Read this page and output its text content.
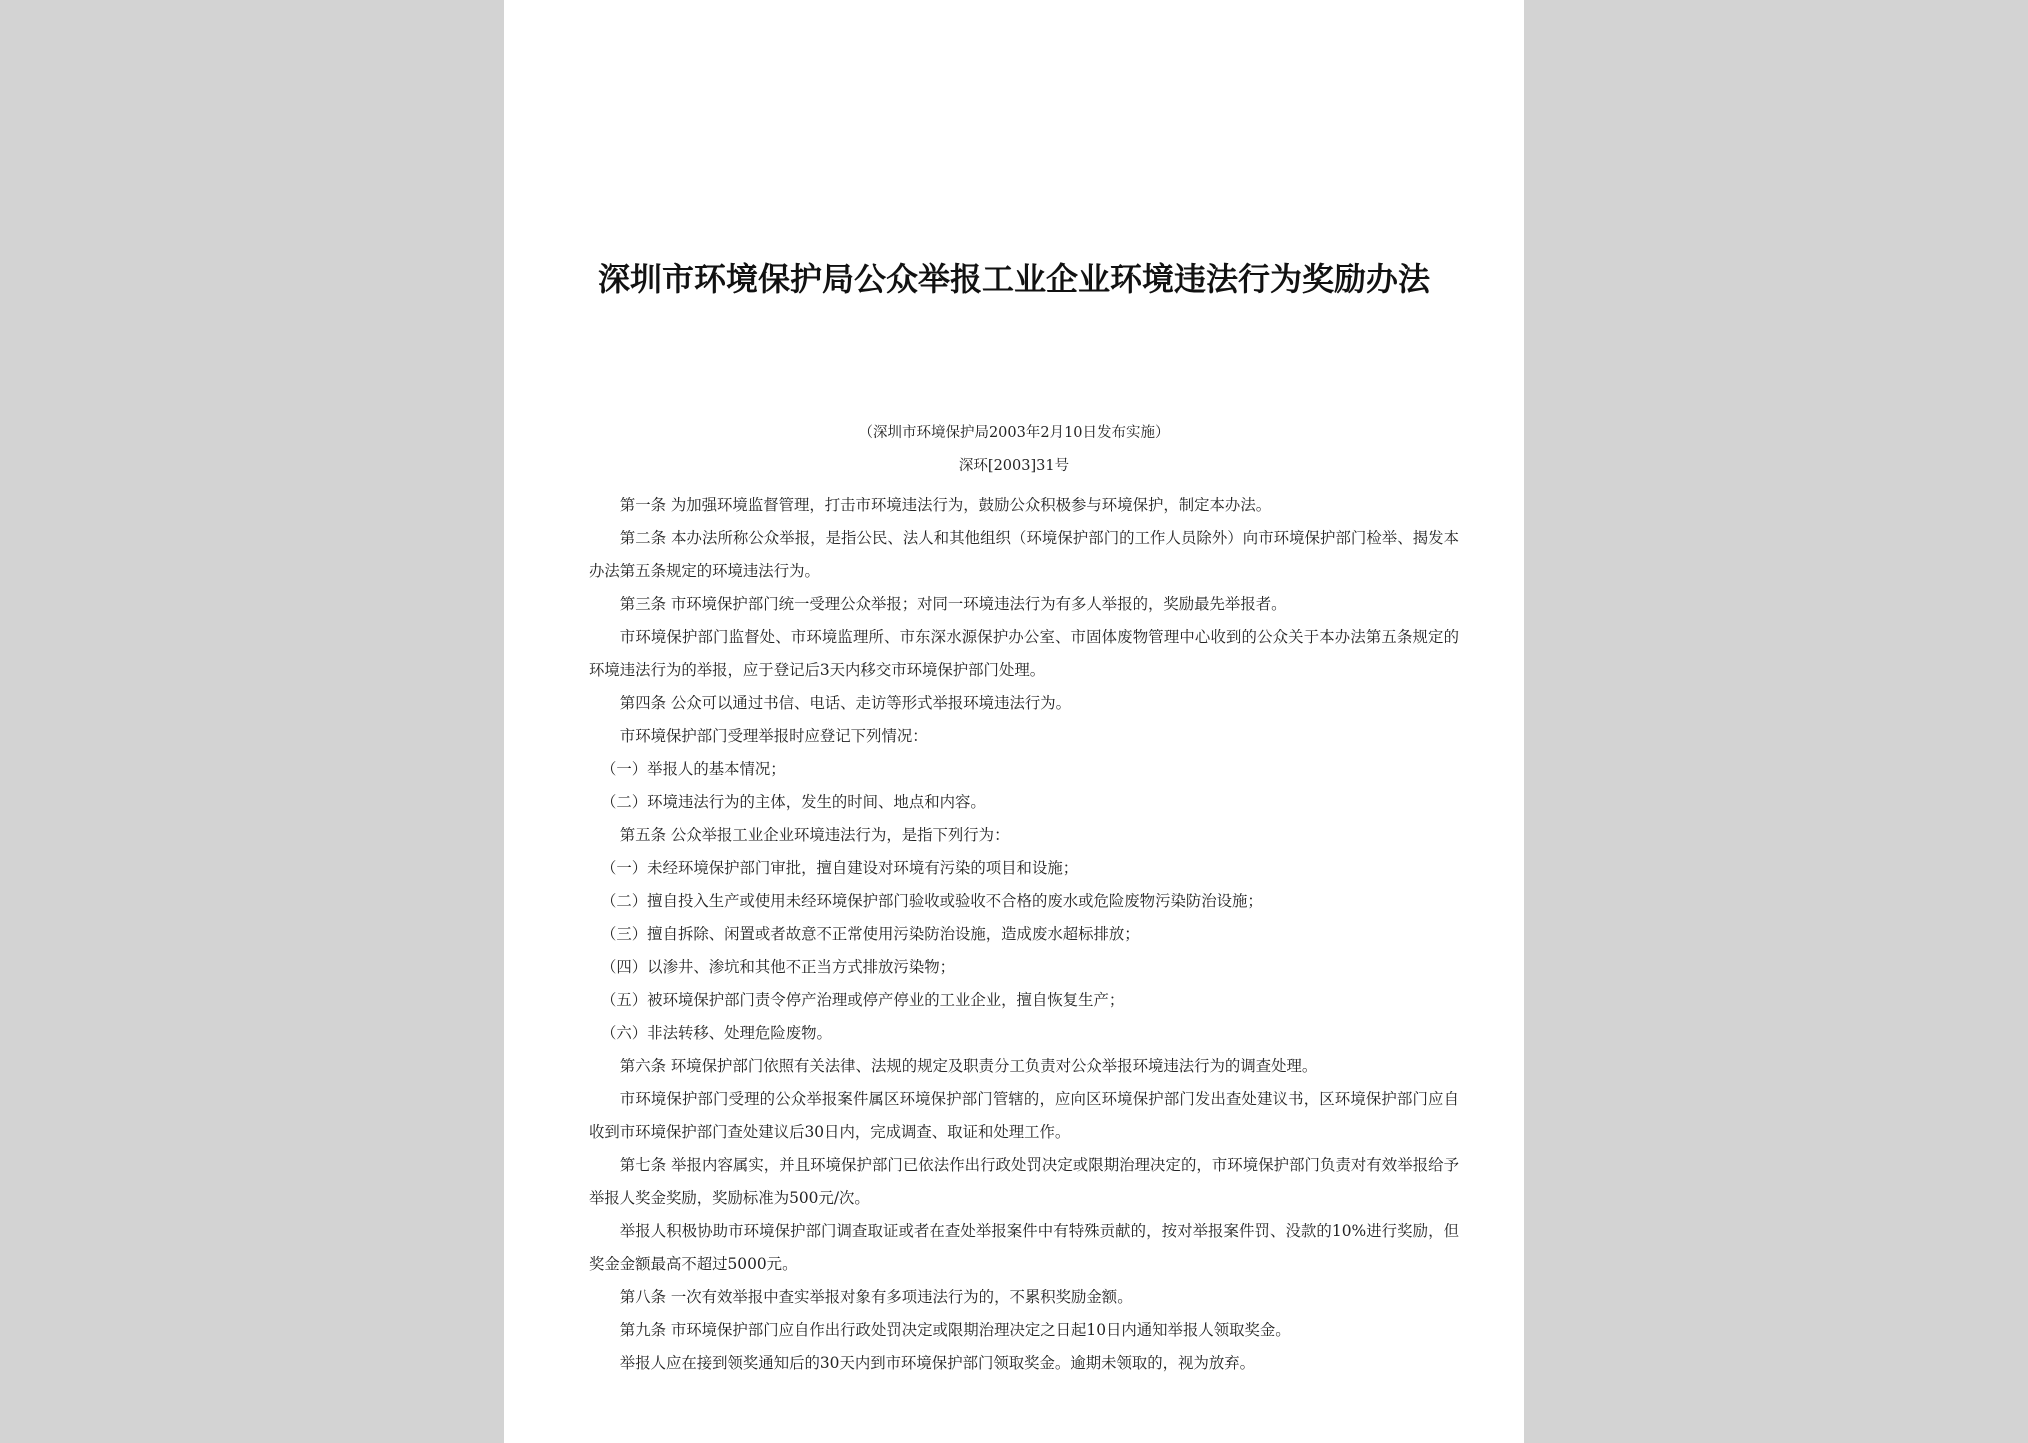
深圳市环境保护局公众举报工业企业环境违法行为奖励办法
（深圳市环境保护局2003年2月10日发布实施）
深环[2003]31号

第一条 为加强环境监督管理，打击市环境违法行为，鼓励公众积极参与环境保护，制定本办法。

第二条 本办法所称公众举报，是指公民、法人和其他组织（环境保护部门的工作人员除外）向市环境保护部门检举、揭发本办法第五条规定的环境违法行为。

第三条 市环境保护部门统一受理公众举报；对同一环境违法行为有多人举报的，奖励最先举报者。

市环境保护部门监督处、市环境监理所、市东深水源保护办公室、市固体废物管理中心收到的公众关于本办法第五条规定的环境违法行为的举报，应于登记后3天内移交市环境保护部门处理。

第四条 公众可以通过书信、电话、走访等形式举报环境违法行为。

市环境保护部门受理举报时应登记下列情况：

（一）举报人的基本情况；

（二）环境违法行为的主体，发生的时间、地点和内容。

第五条 公众举报工业企业环境违法行为，是指下列行为：

（一）未经环境保护部门审批，擅自建设对环境有污染的项目和设施；

（二）擅自投入生产或使用未经环境保护部门验收或验收不合格的废水或危险废物污染防治设施；

（三）擅自拆除、闲置或者故意不正常使用污染防治设施，造成废水超标排放；

（四）以渗井、渗坑和其他不正当方式排放污染物；

（五）被环境保护部门责令停产治理或停产停业的工业企业，擅自恢复生产；

（六）非法转移、处理危险废物。

第六条 环境保护部门依照有关法律、法规的规定及职责分工负责对公众举报环境违法行为的调查处理。

市环境保护部门受理的公众举报案件属区环境保护部门管辖的，应向区环境保护部门发出查处建议书，区环境保护部门应自收到市环境保护部门查处建议后30日内，完成调查、取证和处理工作。

第七条 举报内容属实，并且环境保护部门已依法作出行政处罚决定或限期治理决定的，市环境保护部门负责对有效举报给予举报人奖金奖励，奖励标准为500元/次。

举报人积极协助市环境保护部门调查取证或者在查处举报案件中有特殊贡献的，按对举报案件罚、没款的10%进行奖励，但奖金金额最高不超过5000元。

第八条 一次有效举报中查实举报对象有多项违法行为的，不累积奖励金额。

第九条 市环境保护部门应自作出行政处罚决定或限期治理决定之日起10日内通知举报人领取奖金。

举报人应在接到领奖通知后的30天内到市环境保护部门领取奖金。逾期未领取的，视为放弃。
